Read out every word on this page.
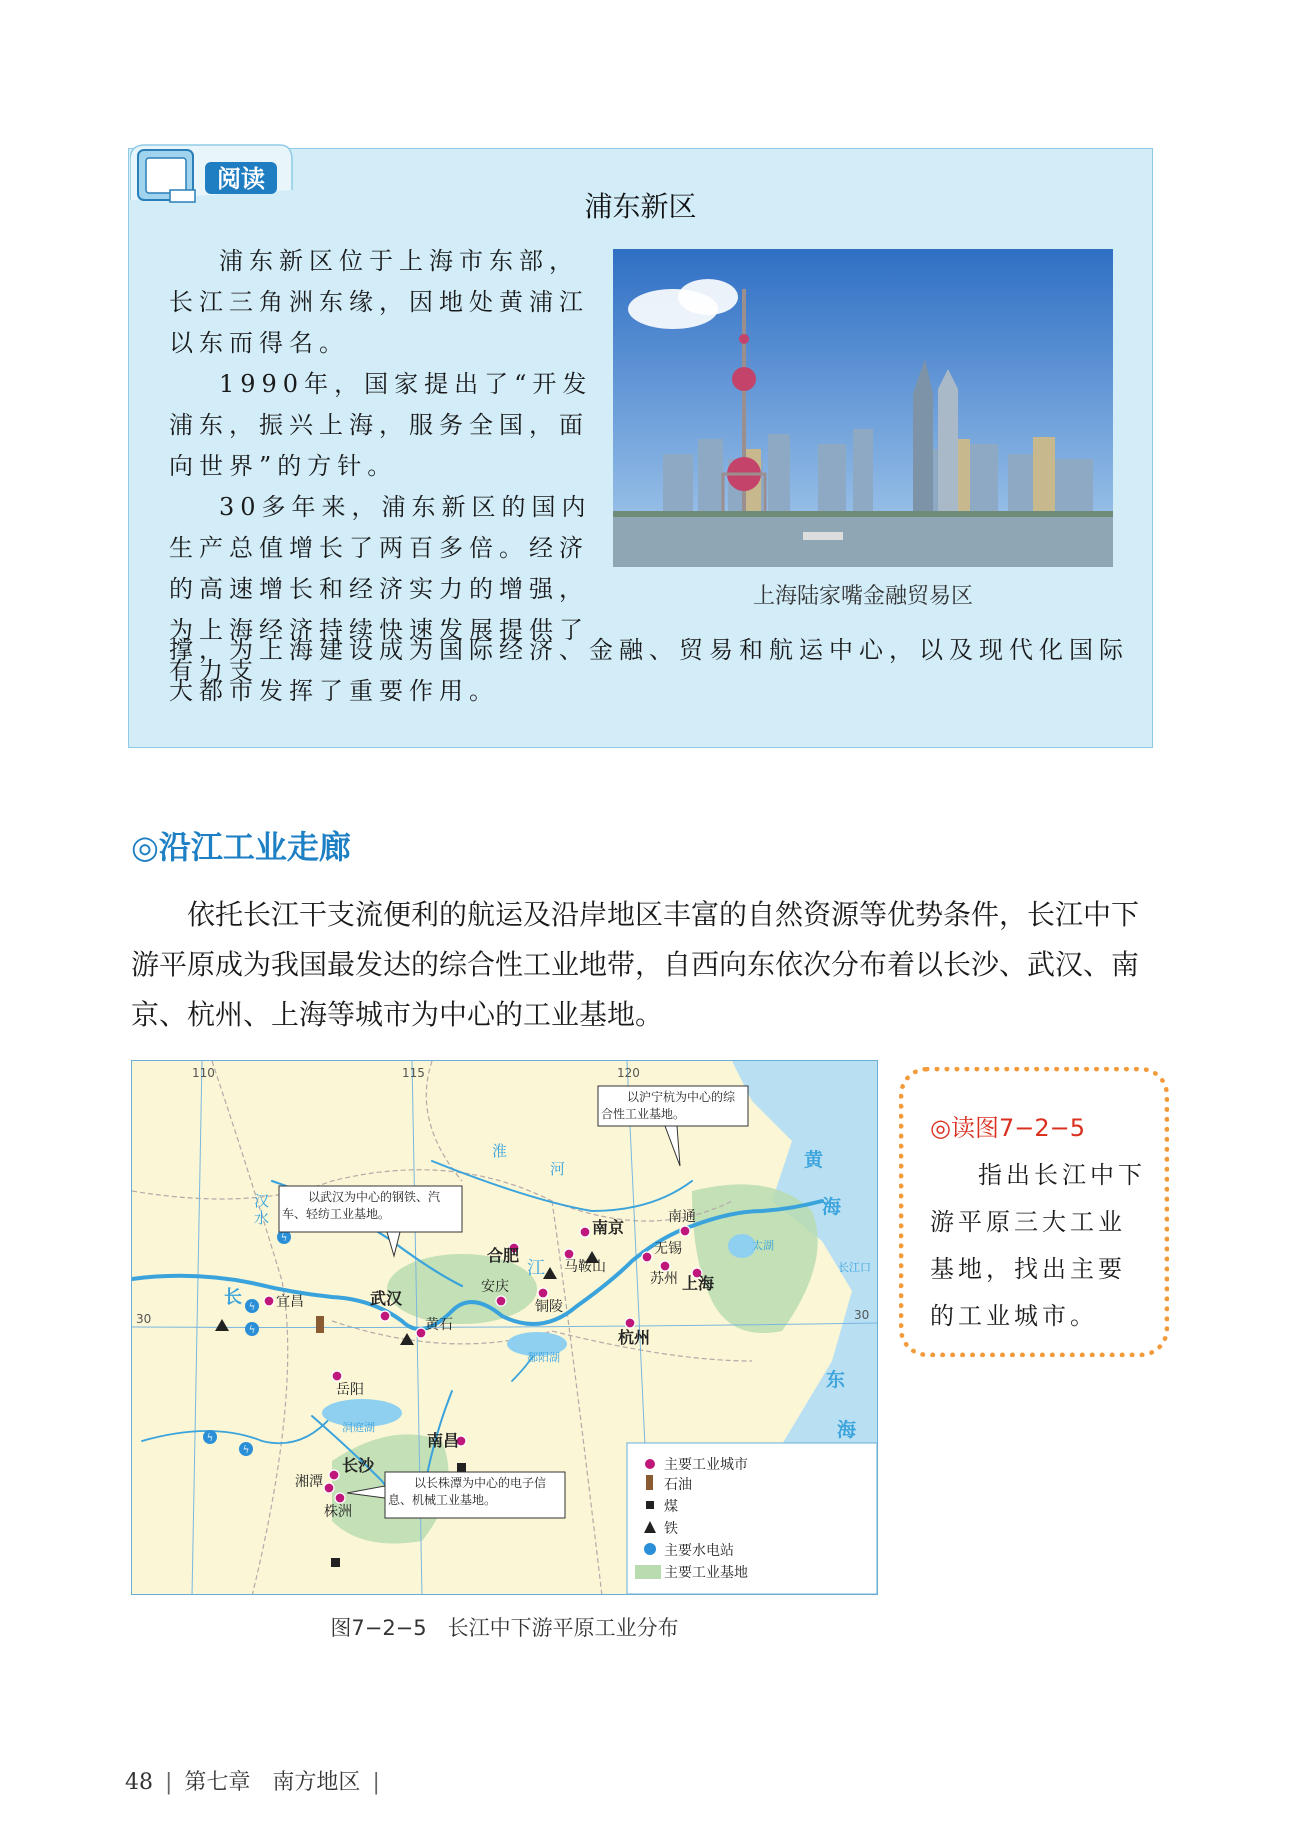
浦东新区
浦东新区位于上海市东部，长江三角洲东缘，因地处黄浦江以东而得名。
1990年，国家提出了“开发浦东，振兴上海，服务全国，面向世界”的方针。
30多年来，浦东新区的国内生产总值增长了两百多倍。经济的高速增长和经济实力的增强，为上海经济持续快速发展提供了有力支
撑，为上海建设成为国际经济、金融、贸易和航运中心，以及现代化国际大都市发挥了重要作用。
上海陆家嘴金融贸易区
阅读
◎沿江工业走廊
依托长江干支流便利的航运及沿岸地区丰富的自然资源等优势条件，长江中下游平原成为我国最发达的综合性工业地带，自西向东依次分布着以长沙、武汉、南京、杭州、上海等城市为中心的工业基地。
110	115	120
30	30
汉
水
淮
河
江
太湖
鄱阳湖
洞庭湖
长江口
黄
海
东
海
长
ϟ
ϟ
ϟ
ϟ
ϟ
宜昌	武汉
黄石
岳阳
长沙
湘潭
株洲
南昌
安庆
铜陵
合肥
马鞍山
南京
无锡
苏州 上海
南通
杭州
以武汉为中心的钢铁、汽车、轻纺工业基地。
以沪宁杭为中心的综合性工业基地。
以长株潭为中心的电子信息、机械工业基地。
主要工业城市
石油
煤
铁
主要水电站
主要工业基地
图7−2−5　长江中下游平原工业分布
◎读图7−2−5
指出长江中下游平原三大工业基地，找出主要的工业城市。
48 | 第七章　南方地区 |
